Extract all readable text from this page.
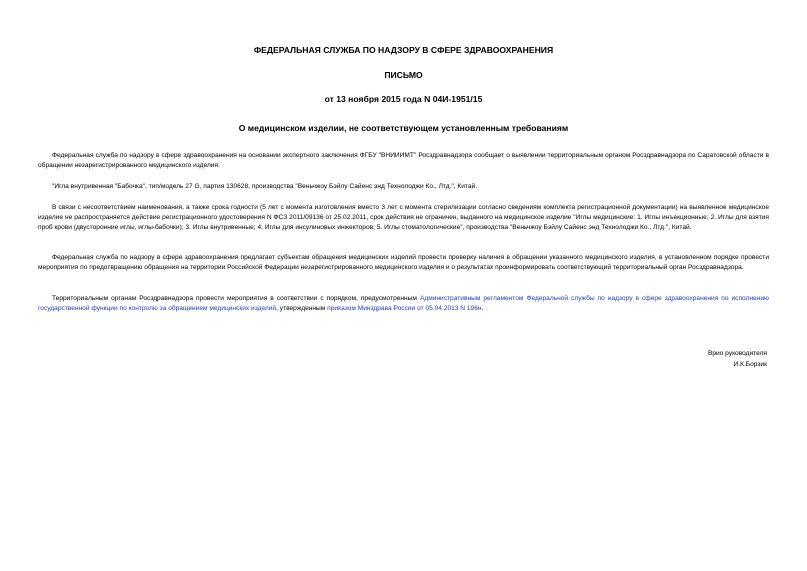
ФЕДЕРАЛЬНАЯ СЛУЖБА ПО НАДЗОРУ В СФЕРЕ ЗДРАВООХРАНЕНИЯ
ПИСЬМО
от 13 ноября 2015 года N 04И-1951/15
О медицинском изделии, не соответствующем установленным требованиям

Федеральная служба по надзору в сфере здравоохранения на основании экспертного заключения ФГБУ "ВНИИИМТ" Росздравнадзора сообщает о выявлении территориальным органом Росздравнадзора по Саратовской области в обращении незарегистрированного медицинского изделия:

"Игла внутривенная "Бабочка", тип/модель 27 G, партия 130628, производства "Веньчжоу Бэйлу Сайенс энд Технолоджи Ко., Лтд.", Китай.

В связи с несоответствием наименования, а также срока годности (5 лет с момента изготовления вместо 3 лет с момента стерилизации согласно сведениям комплекта регистрационной документации) на выявленное медицинское изделие не распространяется действие регистрационного удостоверения N ФСЗ 2011/09136 от 25.02.2011, срок действия не ограничен, выданного на медицинское изделие "Иглы медицинские: 1. Иглы инъекционные; 2. Иглы для взятия проб крови (двусторонние иглы, иглы-бабочки); 3. Иглы внутривенные; 4. Иглы для инсулиновых инжекторов; 5. Иглы стоматологические", производства "Веньчжоу Бэйлу Сайенс энд Технолоджи Ко., Лтд.", Китай.

Федеральная служба по надзору в сфере здравоохранения предлагает субъектам обращения медицинских изделий провести проверку наличия в обращении указанного медицинского изделия, в установленном порядке провести мероприятия по предотвращению обращения на территории Российской Федерации незарегистрированного медицинского изделия и о результатах проинформировать соответствующий территориальный орган Росздравнадзора.

Территориальным органам Росздравнадзора провести мероприятия в соответствии с порядком, предусмотренным Административным регламентом Федеральной службы по надзору в сфере здравоохранения по исполнению государственной функции по контролю за обращением медицинских изделий, утвержденным приказом Минздрава России от 05.04.2013 N 196н.

Врио руководителя
И.К.Борзик
